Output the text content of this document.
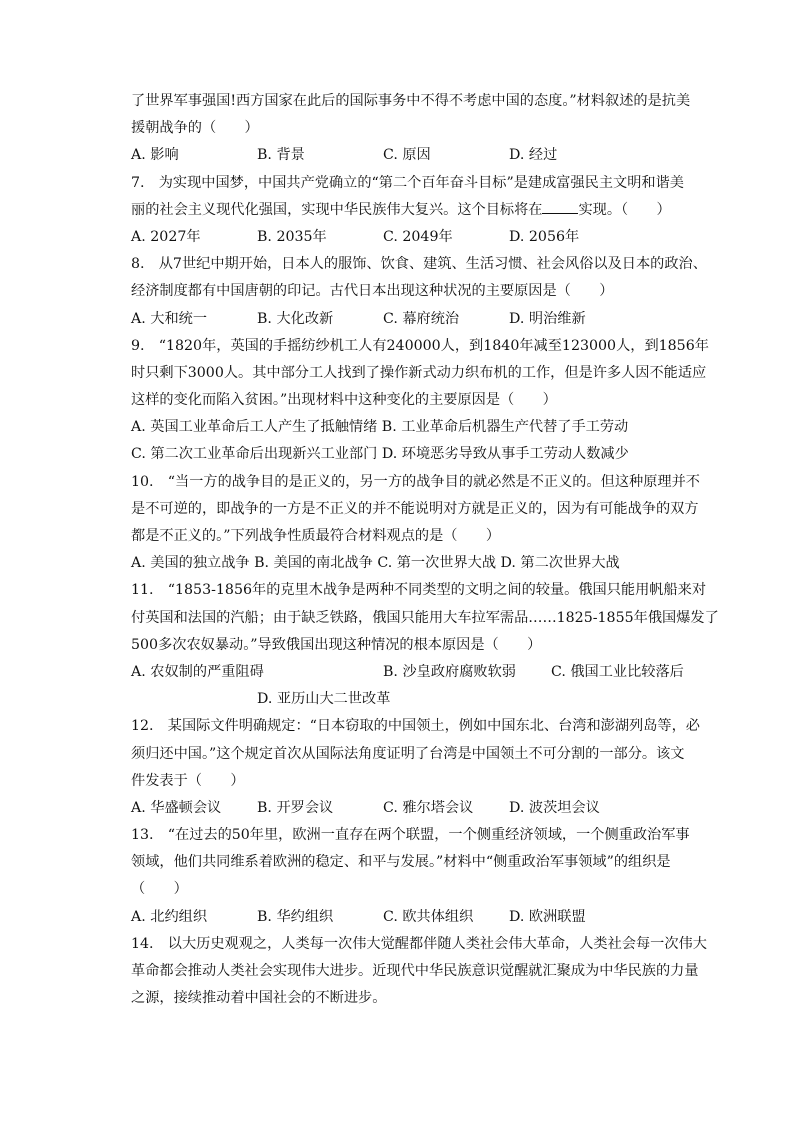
了世界军事强国!西方国家在此后的国际事务中不得不考虑中国的态度。”材料叙述的是抗美
援朝战争的（　　）
A. 影响	B. 背景	C. 原因	D. 经过
7.　为实现中国梦，中国共产党确立的“第二个百年奋斗目标”是建成富强民主文明和谐美
丽的社会主义现代化强国，实现中华民族伟大复兴。这个目标将在	实现。（　　）
A. 2027年	B. 2035年	C. 2049年	D. 2056年
8.　从7世纪中期开始，日本人的服饰、饮食、建筑、生活习惯、社会风俗以及日本的政治、
经济制度都有中国唐朝的印记。古代日本出现这种状况的主要原因是（　　）
A. 大和统一	B. 大化改新	C. 幕府统治	D. 明治维新
9.　“1820年，英国的手摇纺纱机工人有240000人，到1840年减至123000人，到1856年
时只剩下3000人。其中部分工人找到了操作新式动力织布机的工作，但是许多人因不能适应
这样的变化而陷入贫困。”出现材料中这种变化的主要原因是（　　）
A. 英国工业革命后工人产生了抵触情绪 B. 工业革命后机器生产代替了手工劳动
C. 第二次工业革命后出现新兴工业部门 D. 环境恶劣导致从事手工劳动人数减少
10.　“当一方的战争目的是正义的，另一方的战争目的就必然是不正义的。但这种原理并不
是不可逆的，即战争的一方是不正义的并不能说明对方就是正义的，因为有可能战争的双方
都是不正义的。”下列战争性质最符合材料观点的是（　　）
A. 美国的独立战争 B. 美国的南北战争 C. 第一次世界大战 D. 第二次世界大战
11.　“1853-1856年的克里木战争是两种不同类型的文明之间的较量。俄国只能用帆船来对
付英国和法国的汽船；由于缺乏铁路，俄国只能用大车拉军需品……1825-1855年俄国爆发了
500多次农奴暴动。”导致俄国出现这种情况的根本原因是（　　）
A. 农奴制的严重阻碍	B. 沙皇政府腐败软弱	C. 俄国工业比较落后
D. 亚历山大二世改革
12.　某国际文件明确规定：“日本窃取的中国领土，例如中国东北、台湾和澎湖列岛等，必
须归还中国。”这个规定首次从国际法角度证明了台湾是中国领土不可分割的一部分。该文
件发表于（　　）
A. 华盛顿会议	B. 开罗会议	C. 雅尔塔会议	D. 波茨坦会议
13.　“在过去的50年里，欧洲一直存在两个联盟，一个侧重经济领域，一个侧重政治军事
领域，他们共同维系着欧洲的稳定、和平与发展。”材料中“侧重政治军事领域”的组织是
（　　）
A. 北约组织	B. 华约组织	C. 欧共体组织	D. 欧洲联盟
14.　以大历史观观之，人类每一次伟大觉醒都伴随人类社会伟大革命，人类社会每一次伟大
革命都会推动人类社会实现伟大进步。近现代中华民族意识觉醒就汇聚成为中华民族的力量
之源，接续推动着中国社会的不断进步。
